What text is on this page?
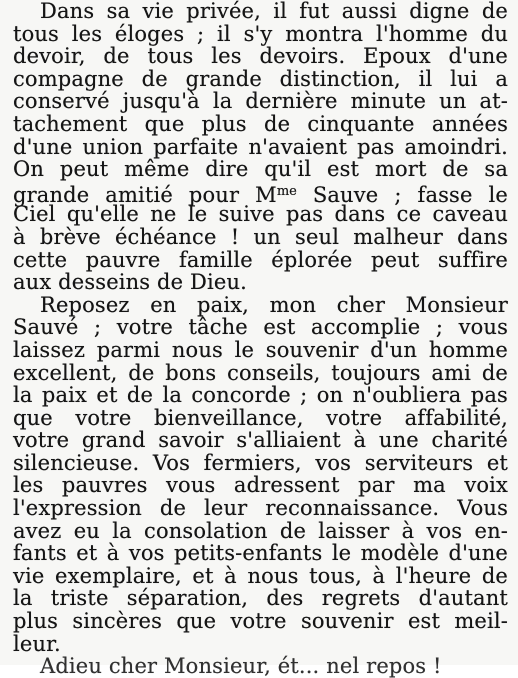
Dans sa vie privée, il fut aussi digne de
tous les éloges ; il s'y montra l'homme du
devoir, de tous les devoirs. Epoux d'une
compagne de grande distinction, il lui a
conservé jusqu'à la dernière minute un at-
tachement que plus de cinquante années
d'une union parfaite n'avaient pas amoindri.
On peut même dire qu'il est mort de sa
grande amitié pour $M^{me}$ Sauve ; fasse le
Ciel qu'elle ne le suive pas dans ce caveau
à brève échéance ! un seul malheur dans
cette pauvre famille éplorée peut suffire
aux desseins de Dieu.
Reposez en paix, mon cher Monsieur
Sauvé ; votre tâche est accomplie ; vous
laissez parmi nous le souvenir d'un homme
excellent, de bons conseils, toujours ami de
la paix et de la concorde ; on n'oubliera pas
que votre bienveillance, votre affabilité,
votre grand savoir s'alliaient à une charité
silencieuse. Vos fermiers, vos serviteurs et
les pauvres vous adressent par ma voix
l'expression de leur reconnaissance. Vous
avez eu la consolation de laisser à vos en-
fants et à vos petits-enfants le modèle d'une
vie exemplaire, et à nous tous, à l'heure de
la triste séparation, des regrets d'autant
plus sincères que votre souvenir est meil-
leur.
Adieu cher Monsieur, ét... nel repos !
